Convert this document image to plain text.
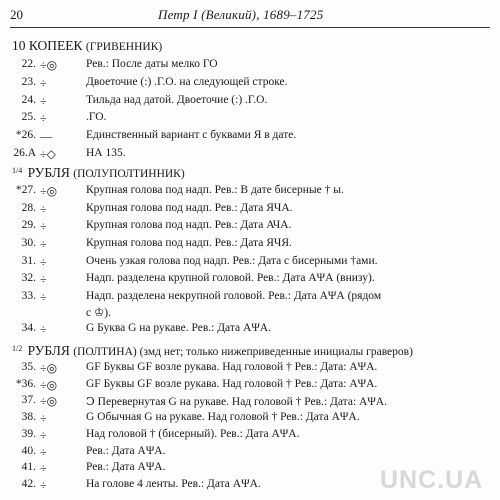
20	Петр I (Великий), 1689–1725
10 КОПЕЕК (ГРИВЕННИК)
22. ÷◎	Рев.: После даты мелко ГО
23. ÷	Двоеточие (:) .Г.О. на следующей строке.
24. ÷	Тильда над датой. Двоеточие (:) .Г.О.
25. ÷	.ГО.
*26. —	Единственный вариант с буквами Я в дате.
26.А ÷◇	НА 135.
$^{1/4}$ РУБЛЯ (ПОЛУПОЛТИННИК)
*27. ÷◎	Крупная голова под надп. Рев.: В дате бисерные † ы.
28. ÷	Крупная голова под надп. Рев.: Дата ЯЧА.
29. ÷	Крупная голова под надп. Рев.: Дата АЧА.
30. ÷	Крупная голова под надп. Рев.: Дата ЯЧЯ.
31. ÷	Очень узкая голова под надп. Рев.: Дата с бисерными †ами.
32. ÷	Надп. разделена крупной головой. Рев.: Дата АΨА (внизу).
33. ÷	Надп. разделена некрупной головой. Рев.: Дата АΨА (рядом
с ♔).
34. ÷	G Буква G на рукаве. Рев.: Дата АΨА.
$^{1/2}$ РУБЛЯ (ПОЛТИНА) (змд нет; только нижеприведенные инициалы граверов)
35. ÷◎	GF Буквы GF возле рукава. Над головой † Рев.: Дата: АΨА.
*36. ÷◎	GF Буквы GF возле рукава. Над головой † Рев.: Дата: АΨА.
37. ÷◎	Ↄ Перевернутая G на рукаве. Над головой † Рев.: Дата: АΨА.
38. ÷	G Обычная G на рукаве. Над головой † Рев.: Дата АΨА.
39. ÷	Над головой † (бисерный). Рев.: Дата АΨА.
40. ÷	Рев.: Дата АΨА.
41. ÷	Рев.: Дата АΨА.
42. ÷	На голове 4 ленты. Рев.: Дата АΨА.	UNC.UA
